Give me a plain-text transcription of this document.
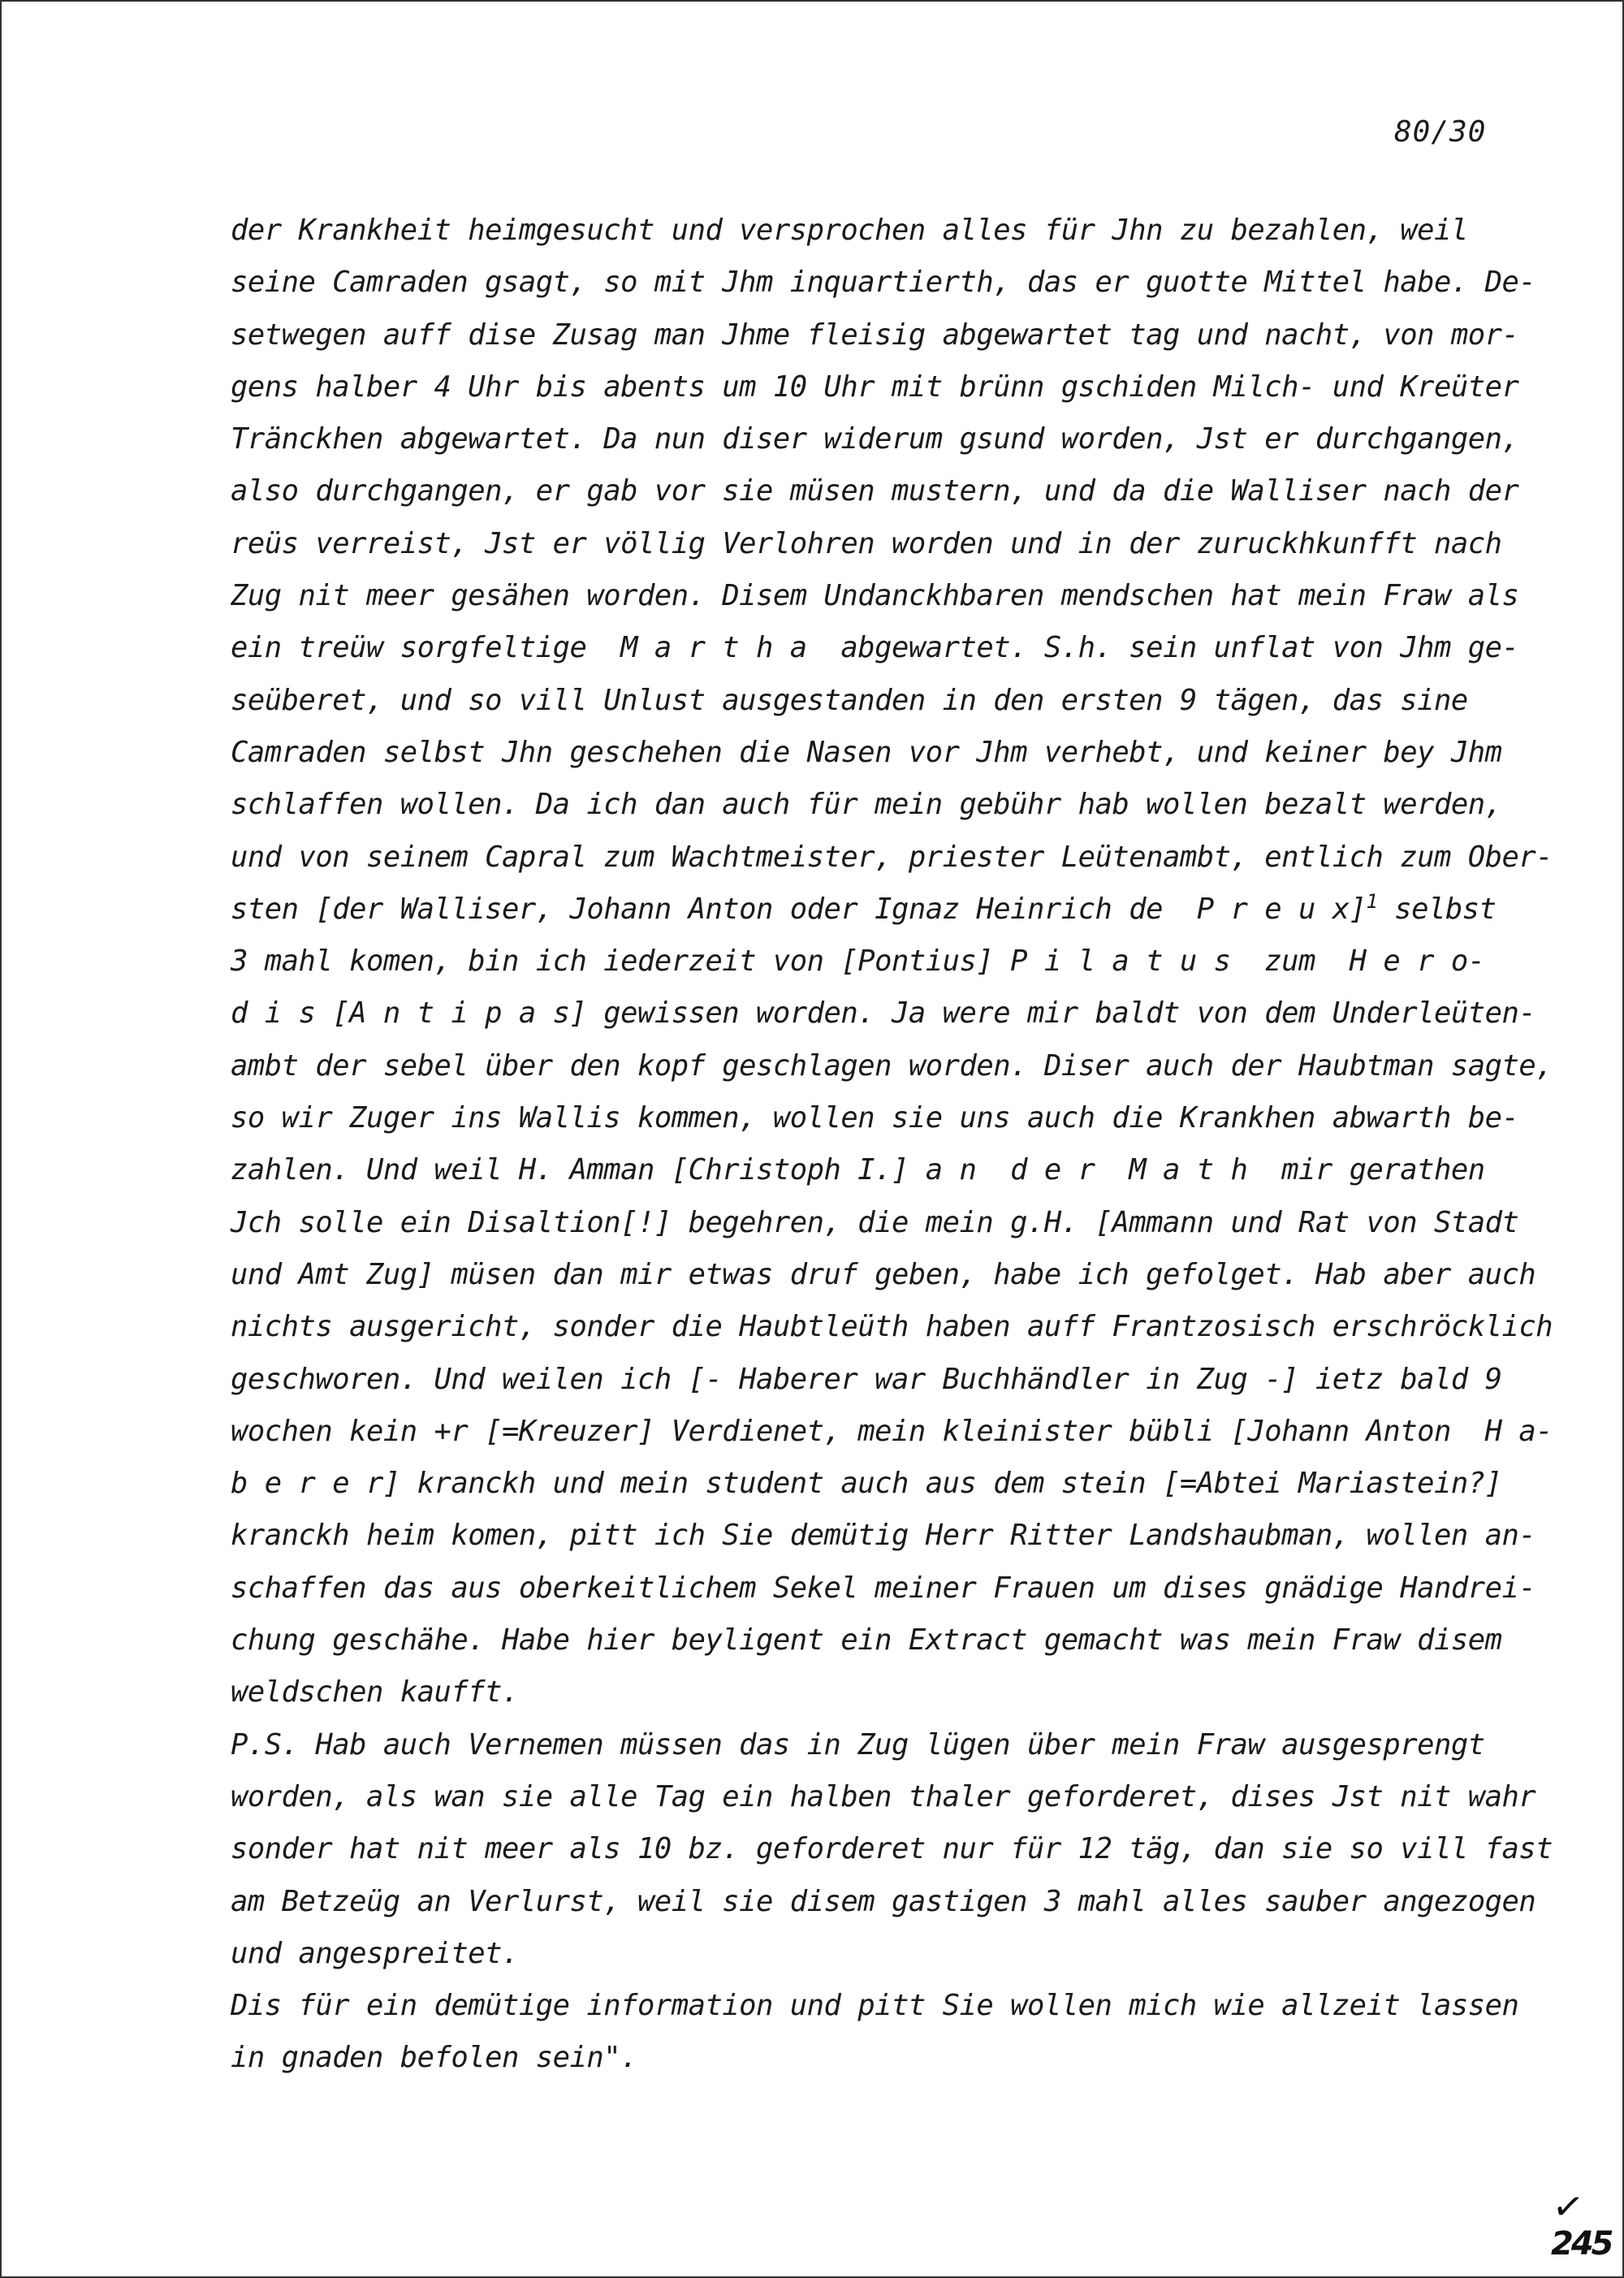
80/30
der Krankheit heimgesucht und versprochen alles für Jhn zu bezahlen, weil
seine Camraden gsagt, so mit Jhm inquartierth, das er guotte Mittel habe. De-
setwegen auff dise Zusag man Jhme fleisig abgewartet tag und nacht, von mor-
gens halber 4 Uhr bis abents um 10 Uhr mit brünn gschiden Milch- und Kreüter
Tränckhen abgewartet. Da nun diser widerum gsund worden, Jst er durchgangen,
also durchgangen, er gab vor sie müsen mustern, und da die Walliser nach der
reüs verreist, Jst er völlig Verlohren worden und in der zuruckhkunfft nach
Zug nit meer gesähen worden. Disem Undanckhbaren mendschen hat mein Fraw als
ein treüw sorgfeltige  M a r t h a  abgewartet. S.h. sein unflat von Jhm ge-
seüberet, und so vill Unlust ausgestanden in den ersten 9 tägen, das sine
Camraden selbst Jhn geschehen die Nasen vor Jhm verhebt, und keiner bey Jhm
schlaffen wollen. Da ich dan auch für mein gebühr hab wollen bezalt werden,
und von seinem Capral zum Wachtmeister, priester Leütenambt, entlich zum Ober-
sten [der Walliser, Johann Anton oder Ignaz Heinrich de  P r e u x]$^1$ selbst
3 mahl komen, bin ich iederzeit von [Pontius] P i l a t u s  zum  H e r o-
d i s [A n t i p a s] gewissen worden. Ja were mir baldt von dem Underleüten-
ambt der sebel über den kopf geschlagen worden. Diser auch der Haubtman sagte,
so wir Zuger ins Wallis kommen, wollen sie uns auch die Krankhen abwarth be-
zahlen. Und weil H. Amman [Christoph I.] a n  d e r  M a t h  mir gerathen
Jch solle ein Disaltion[!] begehren, die mein g.H. [Ammann und Rat von Stadt
und Amt Zug] müsen dan mir etwas druf geben, habe ich gefolget. Hab aber auch
nichts ausgericht, sonder die Haubtleüth haben auff Frantzosisch erschröcklich
geschworen. Und weilen ich [- Haberer war Buchhändler in Zug -] ietz bald 9
wochen kein +r [=Kreuzer] Verdienet, mein kleinister bübli [Johann Anton  H a-
b e r e r] kranckh und mein student auch aus dem stein [=Abtei Mariastein?]
kranckh heim komen, pitt ich Sie demütig Herr Ritter Landshaubman, wollen an-
schaffen das aus oberkeitlichem Sekel meiner Frauen um dises gnädige Handrei-
chung geschähe. Habe hier beyligent ein Extract gemacht was mein Fraw disem
weldschen kaufft.
P.S. Hab auch Vernemen müssen das in Zug lügen über mein Fraw ausgesprengt
worden, als wan sie alle Tag ein halben thaler geforderet, dises Jst nit wahr
sonder hat nit meer als 10 bz. geforderet nur für 12 täg, dan sie so vill fast
am Betzeüg an Verlurst, weil sie disem gastigen 3 mahl alles sauber angezogen
und angespreitet.
Dis für ein demütige information und pitt Sie wollen mich wie allzeit lassen
in gnaden befolen sein".
✓
245
